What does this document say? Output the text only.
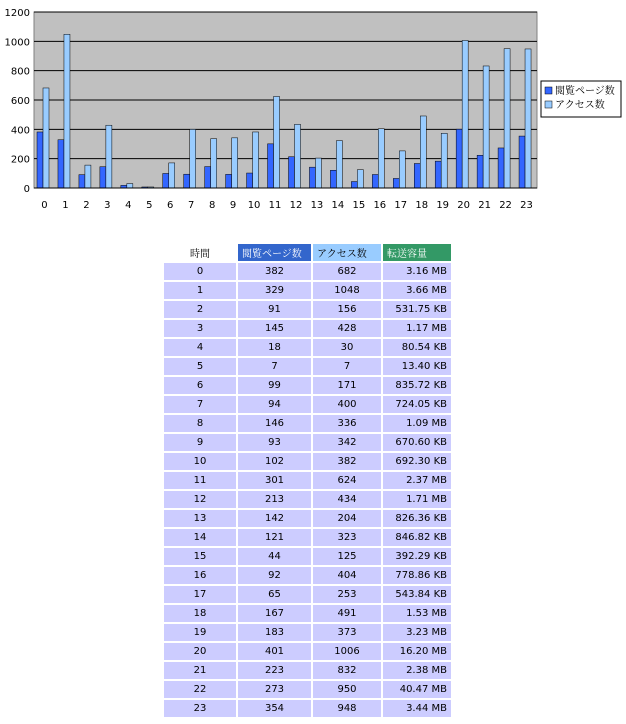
0
200
400
600
800
1000
1200
0 1 2 3 4 5 6 7 8 9 10 11 12 13 14 15 16 17 18 19 20 21 22 23
閲覧ページ数
アクセス数
時間	閲覧ページ数	アクセス数	転送容量
0	382	682	3.16 MB
1	329	1048	3.66 MB
2	91	156	531.75 KB
3	145	428	1.17 MB
4	18	30	80.54 KB
5	7	7	13.40 KB
6	99	171	835.72 KB
7	94	400	724.05 KB
8	146	336	1.09 MB
9	93	342	670.60 KB
10	102	382	692.30 KB
11	301	624	2.37 MB
12	213	434	1.71 MB
13	142	204	826.36 KB
14	121	323	846.82 KB
15	44	125	392.29 KB
16	92	404	778.86 KB
17	65	253	543.84 KB
18	167	491	1.53 MB
19	183	373	3.23 MB
20	401	1006	16.20 MB
21	223	832	2.38 MB
22	273	950	40.47 MB
23	354	948	3.44 MB
